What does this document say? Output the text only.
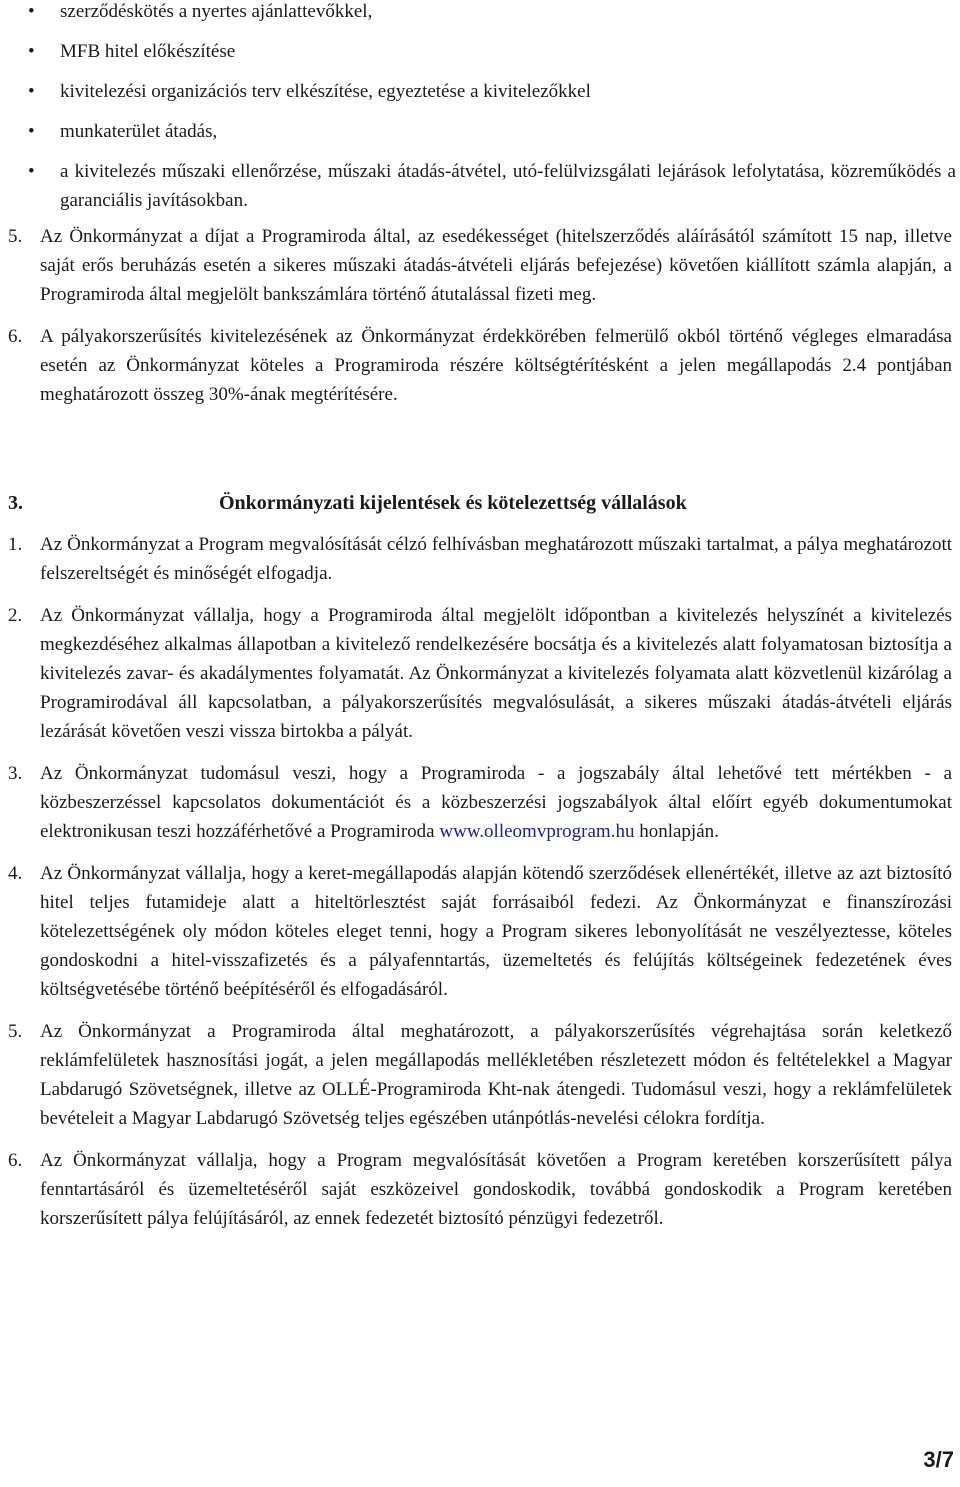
• szerződéskötés a nyertes ajánlattevőkkel,
• MFB hitel előkészítése
• kivitelezési organizációs terv elkészítése, egyeztetése a kivitelezőkkel
• munkaterület átadás,
• a kivitelezés műszaki ellenőrzése, műszaki átadás-átvétel, utó-felülvizsgálati lejárások lefolytatása, közreműködés a garanciális javításokban.
5. Az Önkormányzat a díjat a Programiroda által, az esedékességet (hitelszerződés aláírásától számított 15 nap, illetve saját erős beruházás esetén a sikeres műszaki átadás-átvételi eljárás befejezése) követően kiállított számla alapján, a Programiroda által megjelölt bankszámlára történő átutalással fizeti meg.
6. A pályakorszerűsítés kivitelezésének az Önkormányzat érdekkörében felmerülő okból történő végleges elmaradása esetén az Önkormányzat köteles a Programiroda részére költségtérítésként a jelen megállapodás 2.4 pontjában meghatározott összeg 30%-ának megtérítésére.
3.	Önkormányzati kijelentések és kötelezettség vállalások
1. Az Önkormányzat a Program megvalósítását célzó felhívásban meghatározott műszaki tartalmat, a pálya meghatározott felszereltségét és minőségét elfogadja.
2. Az Önkormányzat vállalja, hogy a Programiroda által megjelölt időpontban a kivitelezés helyszínét a kivitelezés megkezdéséhez alkalmas állapotban a kivitelező rendelkezésére bocsátja és a kivitelezés alatt folyamatosan biztosítja a kivitelezés zavar- és akadálymentes folyamatát. Az Önkormányzat a kivitelezés folyamata alatt közvetlenül kizárólag a Programirodával áll kapcsolatban, a pályakorszerűsítés megvalósulását, a sikeres műszaki átadás-átvételi eljárás lezárását követően veszi vissza birtokba a pályát.
3. Az Önkormányzat tudomásul veszi, hogy a Programiroda - a jogszabály által lehetővé tett mértékben - a közbeszerzéssel kapcsolatos dokumentációt és a közbeszerzési jogszabályok által előírt egyéb dokumentumokat elektronikusan teszi hozzáférhetővé a Programiroda www.olleomvprogram.hu honlapján.
4. Az Önkormányzat vállalja, hogy a keret-megállapodás alapján kötendő szerződések ellenértékét, illetve az azt biztosító hitel teljes futamideje alatt a hiteltörlesztést saját forrásaiból fedezi. Az Önkormányzat e finanszírozási kötelezettségének oly módon köteles eleget tenni, hogy a Program sikeres lebonyolítását ne veszélyeztesse, köteles gondoskodni a hitel-visszafizetés és a pályafenntartás, üzemeltetés és felújítás költségeinek fedezetének éves költségvetésébe történő beépítéséről és elfogadásáról.
5. Az Önkormányzat a Programiroda által meghatározott, a pályakorszerűsítés végrehajtása során keletkező reklámfelületek hasznosítási jogát, a jelen megállapodás mellékletében részletezett módon és feltételekkel a Magyar Labdarugó Szövetségnek, illetve az OLLÉ-Programiroda Kht-nak átengedi. Tudomásul veszi, hogy a reklámfelületek bevételeit a Magyar Labdarugó Szövetség teljes egészében utánpótlás-nevelési célokra fordítja.
6. Az Önkormányzat vállalja, hogy a Program megvalósítását követően a Program keretében korszerűsített pálya fenntartásáról és üzemeltetéséről saját eszközeivel gondoskodik, továbbá gondoskodik a Program keretében korszerűsített pálya felújításáról, az ennek fedezetét biztosító pénzügyi fedezetről.
3/7
